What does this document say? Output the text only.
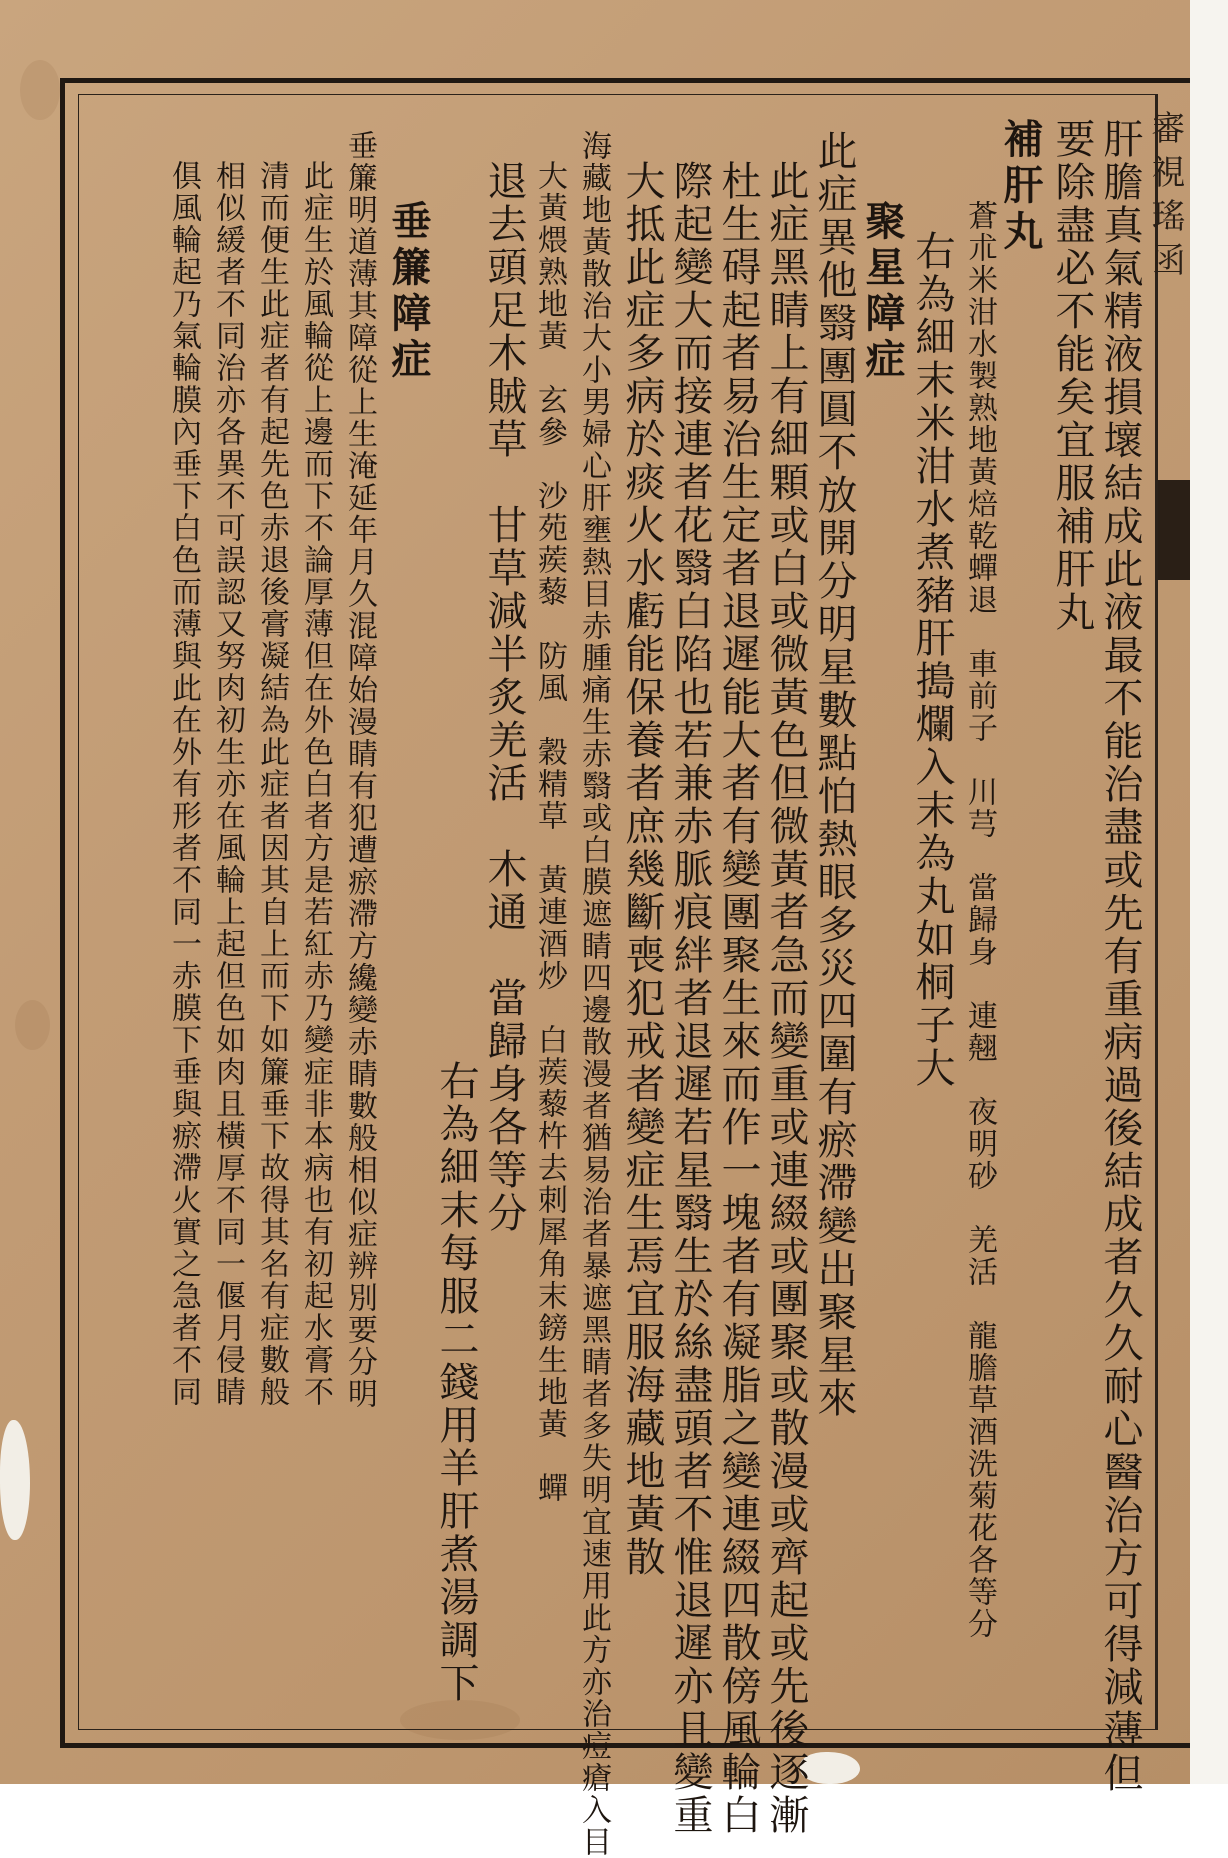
審視瑤函
肝膽真氣精液損壞結成此液最不能治盡或先有重病過後結成者久久耐心醫治方可得減薄但
要除盡必不能矣宜服補肝丸
補肝丸
蒼朮米泔水製熟地黃焙乾蟬退　車前子　川芎　當歸身　連翹　夜明砂　羌活　龍膽草酒洗菊花各等分
右為細末米泔水煮豬肝搗爛入末為丸如桐子大
聚星障症
此症異他翳團圓不放開分明星數點怕熱眼多災四圍有瘀滯變出聚星來
此症黑睛上有細顆或白或微黃色但微黃者急而變重或連綴或團聚或散漫或齊起或先後逐漸
杜生碍起者易治生定者退遲能大者有變團聚生來而作一塊者有凝脂之變連綴四散傍風輪白
際起變大而接連者花翳白陷也若兼赤脈痕絆者退遲若星翳生於絲盡頭者不惟退遲亦且變重
大抵此症多病於痰火水虧能保養者庶幾斷喪犯戒者變症生焉宜服海藏地黃散
海藏地黃散治大小男婦心肝壅熱目赤腫痛生赤翳或白膜遮睛四邊散漫者猶易治者暴遮黑睛者多失明宜速用此方亦治痘瘡入目
大黃煨熟地黃　玄參　沙苑蒺藜　防風　穀精草　黃連酒炒　白蒺藜杵去刺犀角末鎊生地黃　蟬
退去頭足木賊草　甘草減半炙羌活　木通　當歸身各等分
右為細末每服二錢用羊肝煮湯調下
垂簾障症
垂簾明道薄其障從上生淹延年月久混障始漫睛有犯遭瘀滯方纔變赤睛數般相似症辨別要分明
此症生於風輪從上邊而下不論厚薄但在外色白者方是若紅赤乃變症非本病也有初起水膏不
清而便生此症者有起先色赤退後膏凝結為此症者因其自上而下如簾垂下故得其名有症數般
相似緩者不同治亦各異不可誤認又努肉初生亦在風輪上起但色如肉且橫厚不同一偃月侵睛
俱風輪起乃氣輪膜內垂下白色而薄與此在外有形者不同一赤膜下垂與瘀滯火實之急者不同
